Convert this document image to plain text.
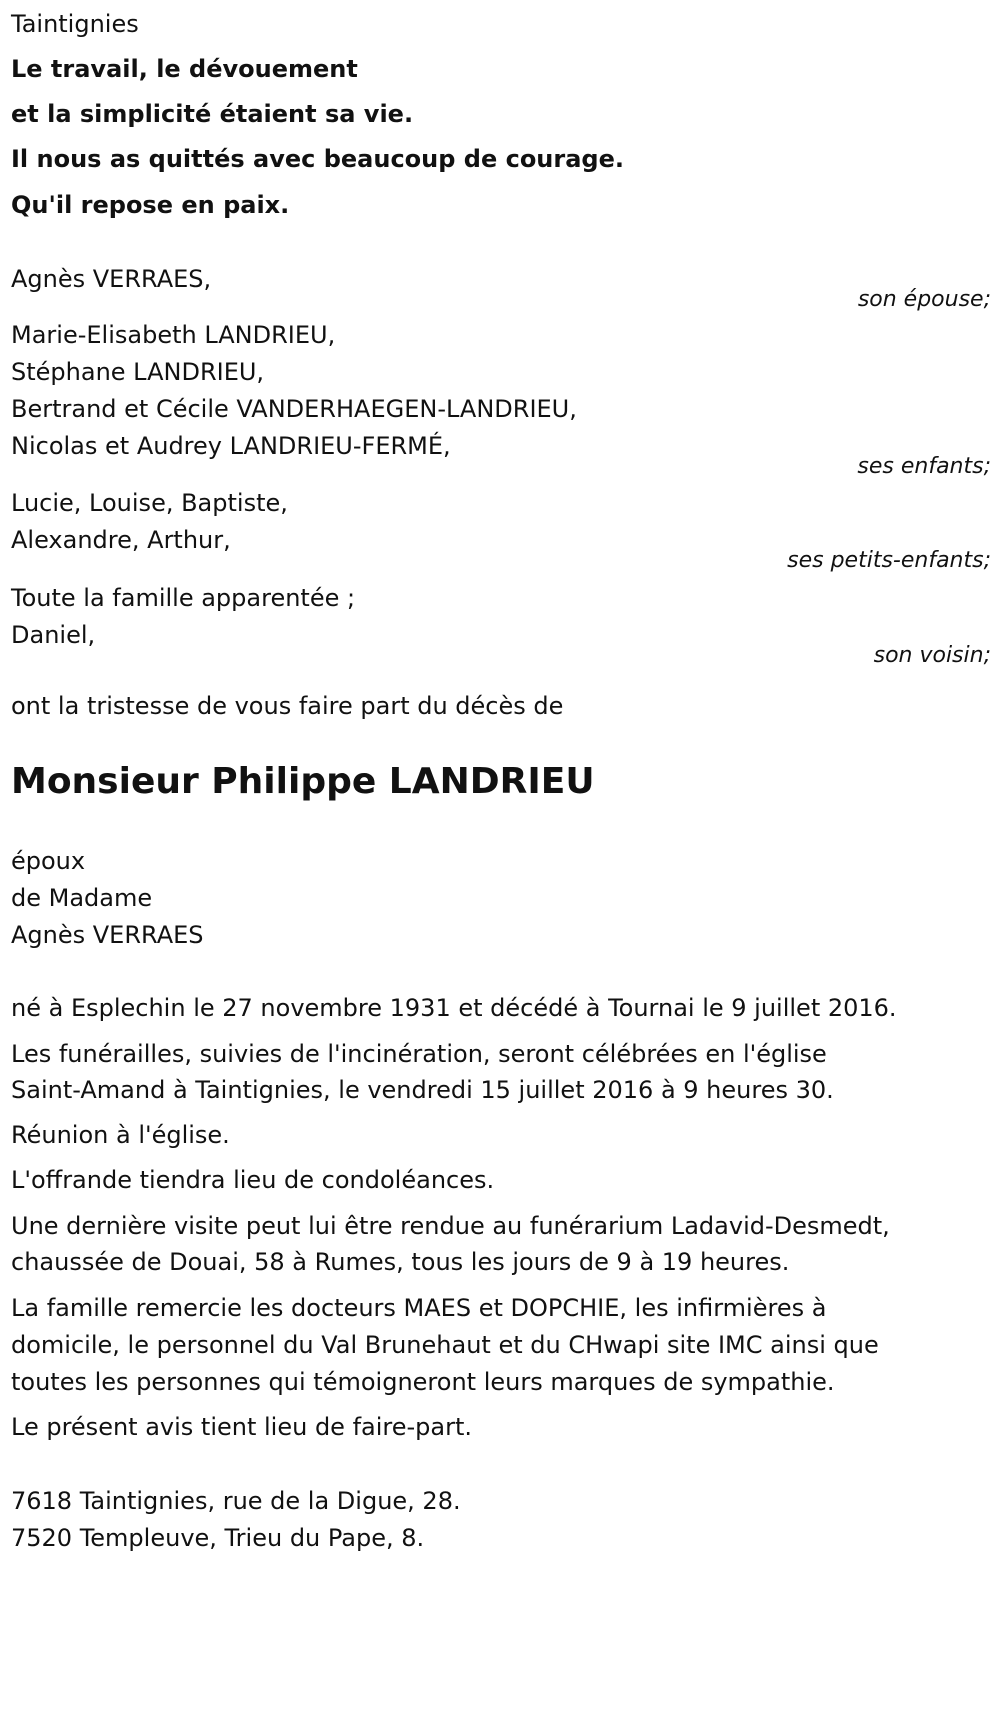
Taintignies

Le travail, le dévouement

et la simplicité étaient sa vie.

Il nous as quittés avec beaucoup de courage.

Qu'il repose en paix.

Agnès VERRAES,

son épouse;

Marie-Elisabeth LANDRIEU,

Stéphane LANDRIEU,

Bertrand et Cécile VANDERHAEGEN-LANDRIEU,

Nicolas et Audrey LANDRIEU-FERMÉ,

ses enfants;

Lucie, Louise, Baptiste,

Alexandre, Arthur,

ses petits-enfants;

Toute la famille apparentée ;

Daniel,

son voisin;

ont la tristesse de vous faire part du décès de

Monsieur Philippe LANDRIEU

époux

de Madame

Agnès VERRAES

né à Esplechin le 27 novembre 1931 et décédé à Tournai le 9 juillet 2016.

Les funérailles, suivies de l'incinération, seront célébrées en l'église

Saint-Amand à Taintignies, le vendredi 15 juillet 2016 à 9 heures 30.

Réunion à l'église.

L'offrande tiendra lieu de condoléances.

Une dernière visite peut lui être rendue au funérarium Ladavid-Desmedt,

chaussée de Douai, 58 à Rumes, tous les jours de 9 à 19 heures.

La famille remercie les docteurs MAES et DOPCHIE, les infirmières à

domicile, le personnel du Val Brunehaut et du CHwapi site IMC ainsi que

toutes les personnes qui témoigneront leurs marques de sympathie.

Le présent avis tient lieu de faire-part.

7618 Taintignies, rue de la Digue, 28.

7520 Templeuve, Trieu du Pape, 8.
